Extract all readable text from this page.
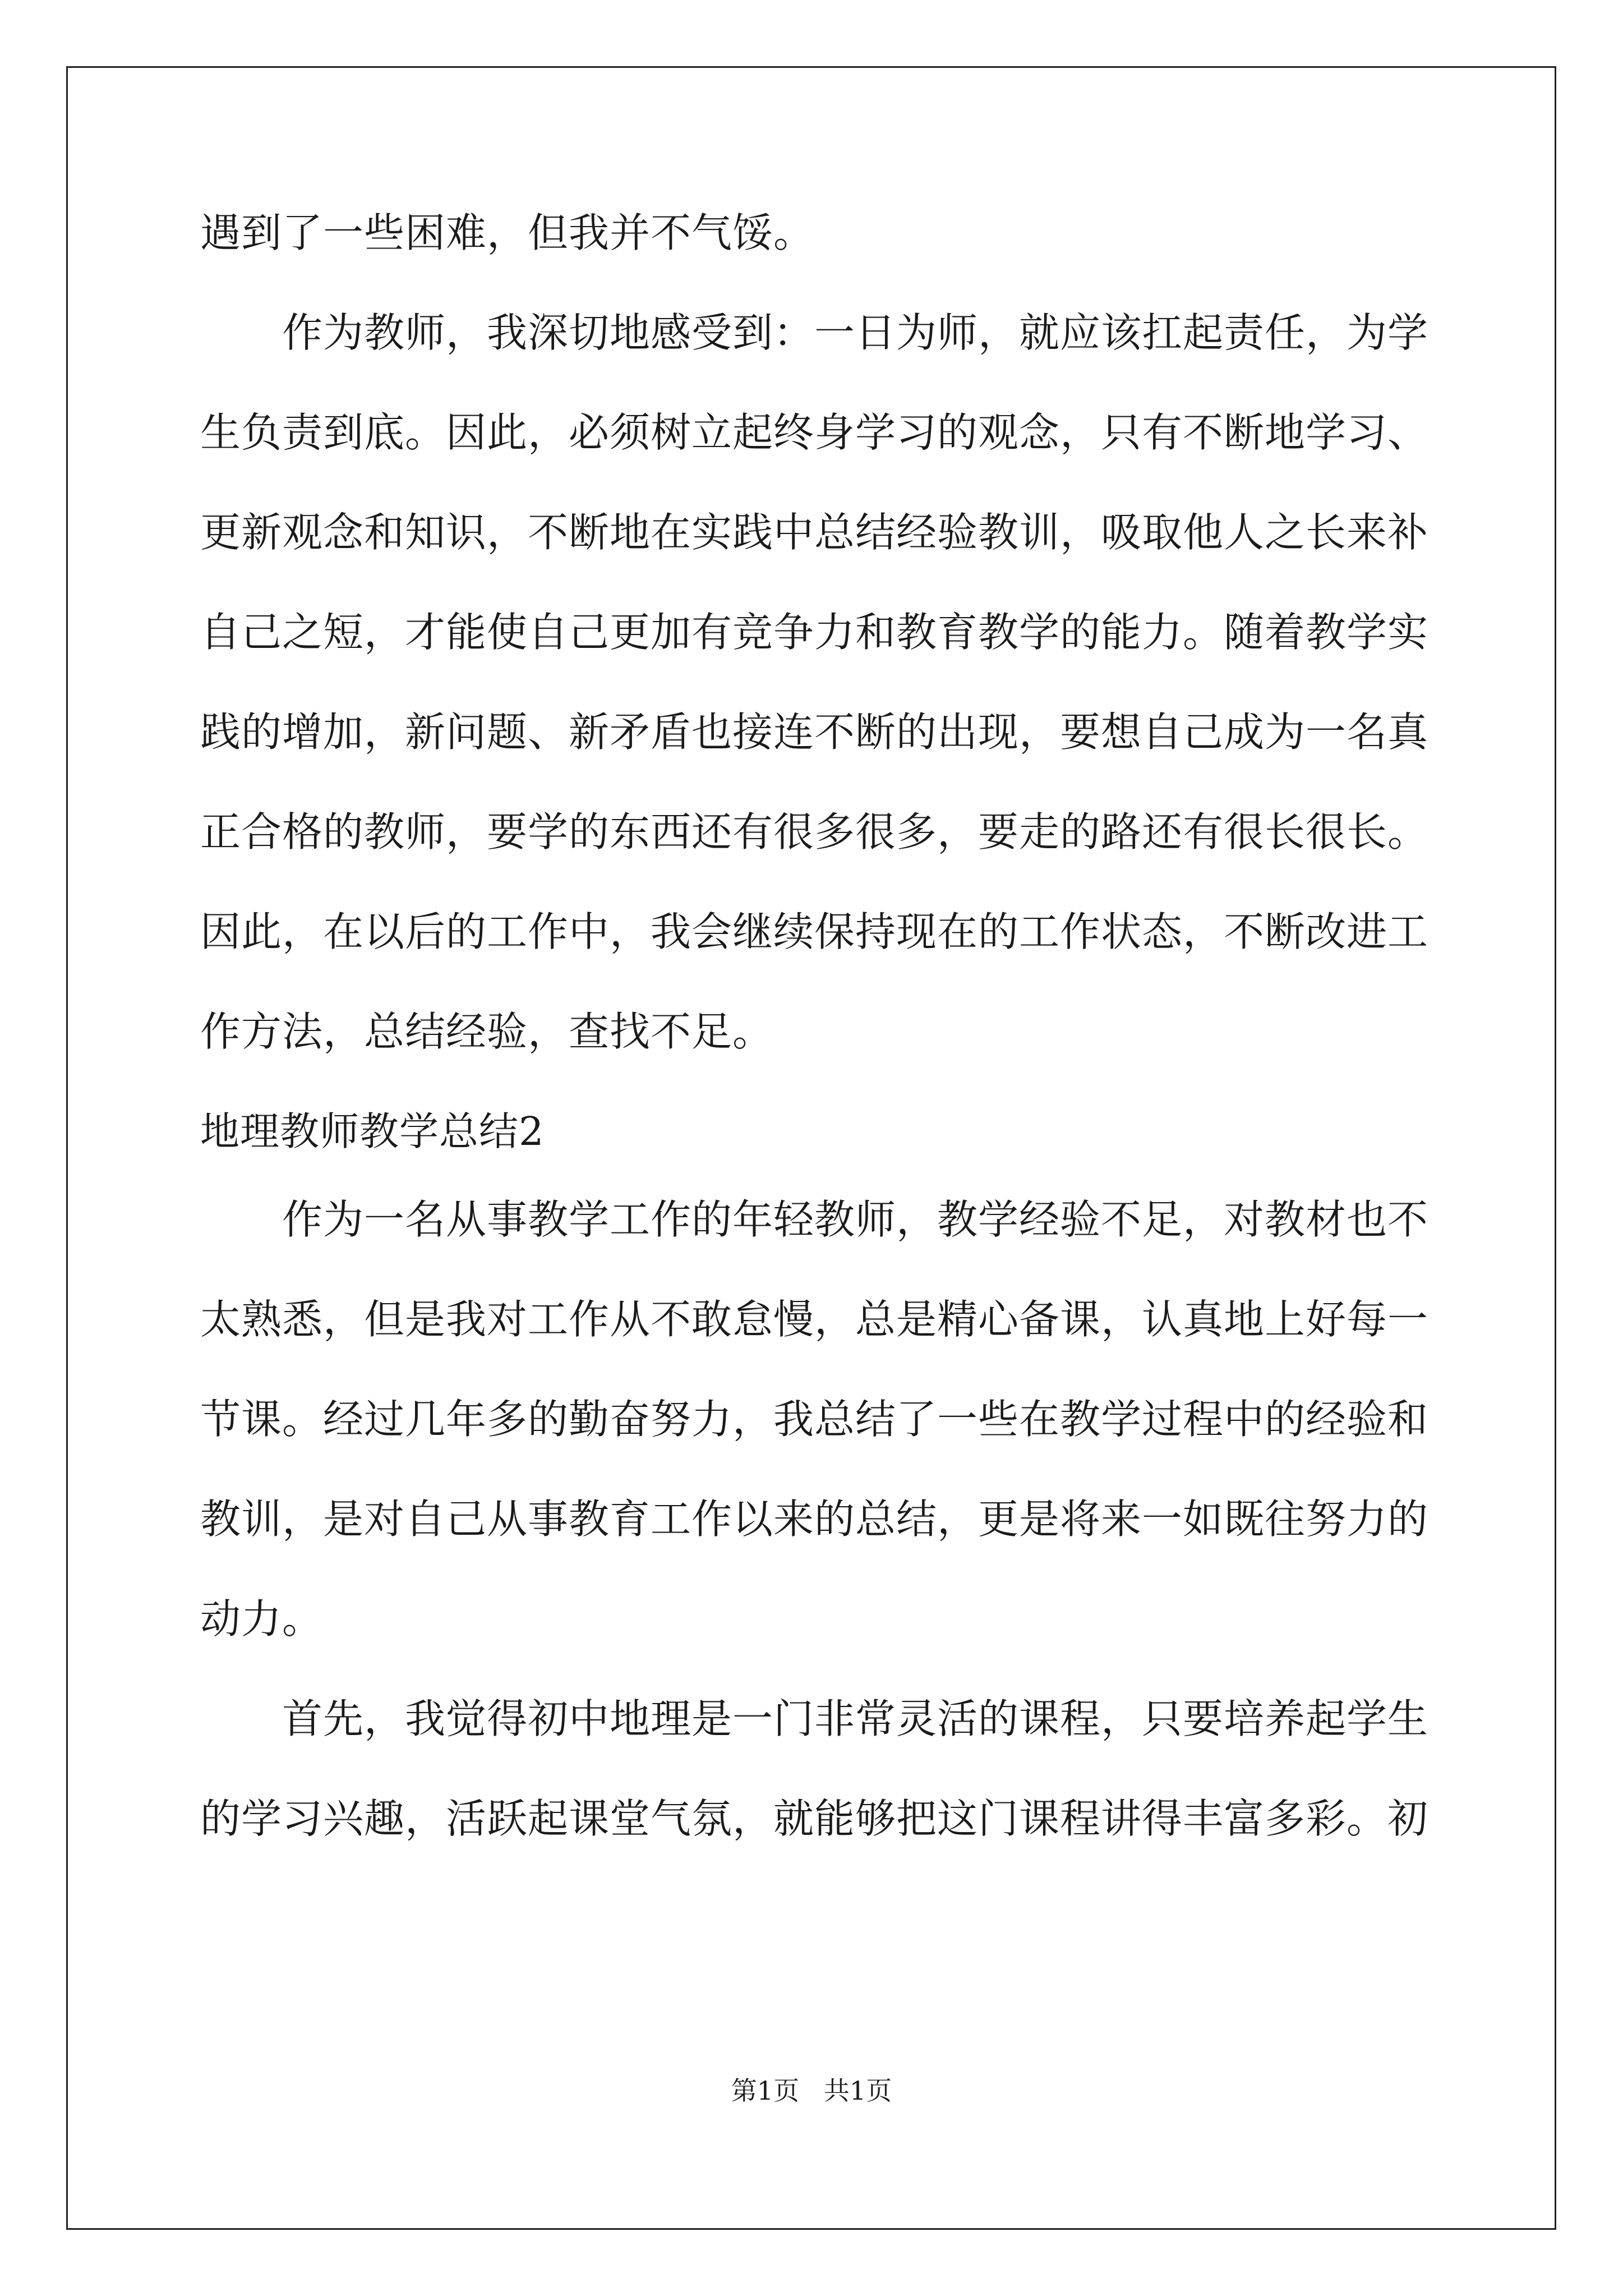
遇到了一些困难，但我并不气馁。
作为教师，我深切地感受到：一日为师，就应该扛起责任，为学
生负责到底。因此，必须树立起终身学习的观念，只有不断地学习、
更新观念和知识，不断地在实践中总结经验教训，吸取他人之长来补
自己之短，才能使自己更加有竞争力和教育教学的能力。随着教学实
践的增加，新问题、新矛盾也接连不断的出现，要想自己成为一名真
正合格的教师，要学的东西还有很多很多，要走的路还有很长很长。
因此，在以后的工作中，我会继续保持现在的工作状态，不断改进工
作方法，总结经验，查找不足。
地理教师教学总结2
作为一名从事教学工作的年轻教师，教学经验不足，对教材也不
太熟悉，但是我对工作从不敢怠慢，总是精心备课，认真地上好每一
节课。经过几年多的勤奋努力，我总结了一些在教学过程中的经验和
教训，是对自己从事教育工作以来的总结，更是将来一如既往努力的
动力。
首先，我觉得初中地理是一门非常灵活的课程，只要培养起学生
的学习兴趣，活跃起课堂气氛，就能够把这门课程讲得丰富多彩。初
第1页   共1页
